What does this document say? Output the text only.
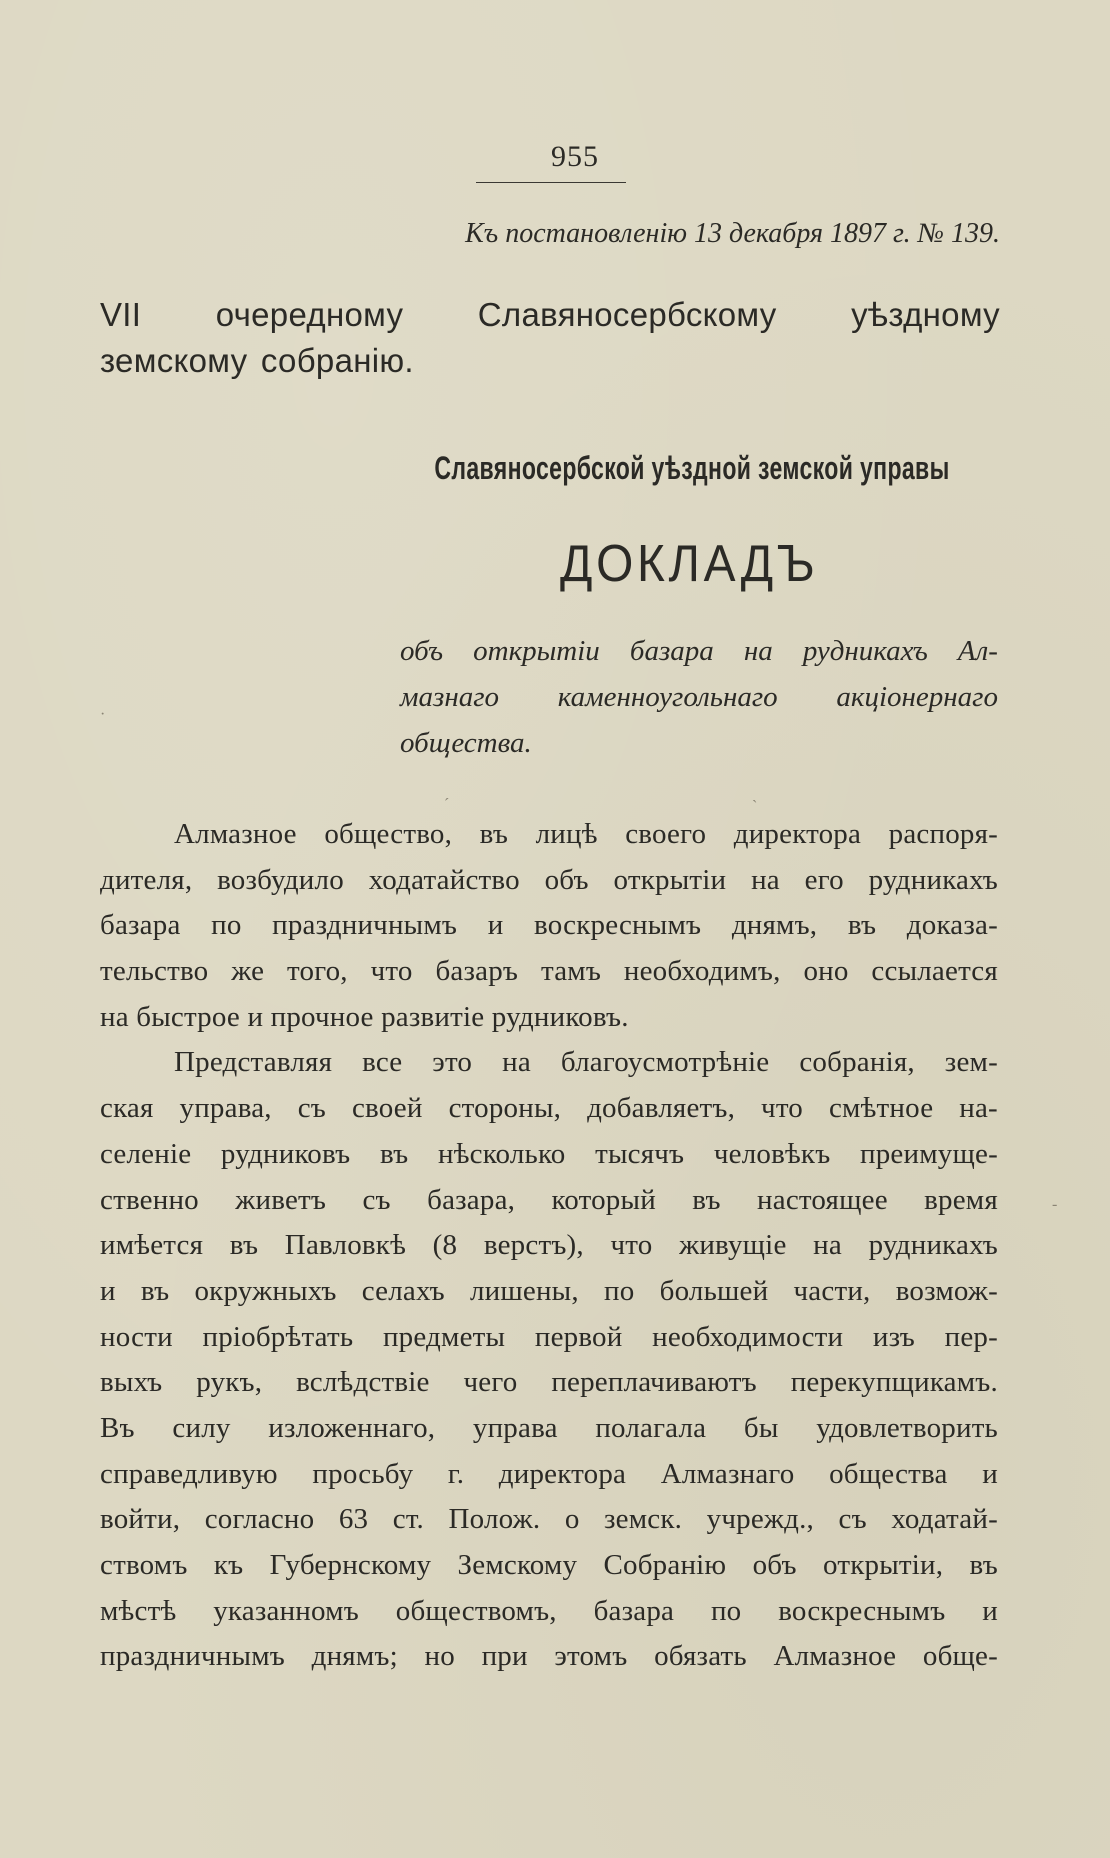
955
Къ постановленію 13 декабря 1897 г. № 139.
VII очередному Славяносербскому уѣздному
земскому собранію.
Славяносербской уѣздной земской управы
ДОКЛАДЪ
объ открытіи базара на рудникахъ Ал-
мазнаго каменноугольнаго акціонернаго
общества.
·
ˏ
ˊ
-
Алмазное общество, въ лицѣ своего директора распоря-
дителя, возбудило ходатайство объ открытіи на его рудникахъ
базара по праздничнымъ и воскреснымъ днямъ, въ доказа-
тельство же того, что базаръ тамъ необходимъ, оно ссылается
на быстрое и прочное развитіе рудниковъ.
Представляя все это на благоусмотрѣніе собранія, зем-
ская управа, съ своей стороны, добавляетъ, что смѣтное на-
селеніе рудниковъ въ нѣсколько тысячъ человѣкъ преимуще-
ственно живетъ съ базара, который въ настоящее время
имѣется въ Павловкѣ (8 верстъ), что живущіе на рудникахъ
и въ окружныхъ селахъ лишены, по большей части, возмож-
ности пріобрѣтать предметы первой необходимости изъ пер-
выхъ рукъ, вслѣдствіе чего переплачиваютъ перекупщикамъ.
Въ силу изложеннаго, управа полагала бы удовлетворить
справедливую просьбу г. директора Алмазнаго общества и
войти, согласно 63 ст. Полож. о земск. учрежд., съ ходатай-
ствомъ къ Губернскому Земскому Собранію объ открытіи, въ
мѣстѣ указанномъ обществомъ, базара по воскреснымъ и
праздничнымъ днямъ; но при этомъ обязать Алмазное обще-
